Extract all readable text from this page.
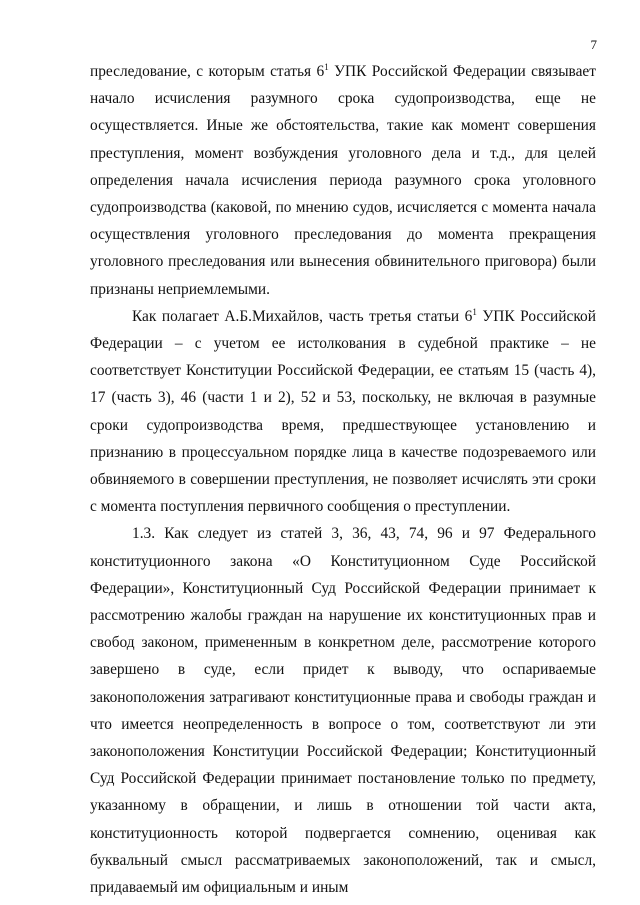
7

преследование, с которым статья $6^1$ УПК Российской Федерации связывает начало исчисления разумного срока судопроизводства, еще не осуществляется. Иные же обстоятельства, такие как момент совершения преступления, момент возбуждения уголовного дела и т.д., для целей определения начала исчисления периода разумного срока уголовного судопроизводства (каковой, по мнению судов, исчисляется с момента начала осуществления уголовного преследования до момента прекращения уголовного преследования или вынесения обвинительного приговора) были признаны неприемлемыми.

Как полагает А.Б.Михайлов, часть третья статьи $6^1$ УПК Российской Федерации – с учетом ее истолкования в судебной практике – не соответствует Конституции Российской Федерации, ее статьям 15 (часть 4), 17 (часть 3), 46 (части 1 и 2), 52 и 53, поскольку, не включая в разумные сроки судопроизводства время, предшествующее установлению и признанию в процессуальном порядке лица в качестве подозреваемого или обвиняемого в совершении преступления, не позволяет исчислять эти сроки с момента поступления первичного сообщения о преступлении.

1.3. Как следует из статей 3, 36, 43, 74, 96 и 97 Федерального конституционного закона «О Конституционном Суде Российской Федерации», Конституционный Суд Российской Федерации принимает к рассмотрению жалобы граждан на нарушение их конституционных прав и свобод законом, примененным в конкретном деле, рассмотрение которого завершено в суде, если придет к выводу, что оспариваемые законоположения затрагивают конституционные права и свободы граждан и что имеется неопределенность в вопросе о том, соответствуют ли эти законоположения Конституции Российской Федерации; Конституционный Суд Российской Федерации принимает постановление только по предмету, указанному в обращении, и лишь в отношении той части акта, конституционность которой подвергается сомнению, оценивая как буквальный смысл рассматриваемых законоположений, так и смысл, придаваемый им официальным и иным
